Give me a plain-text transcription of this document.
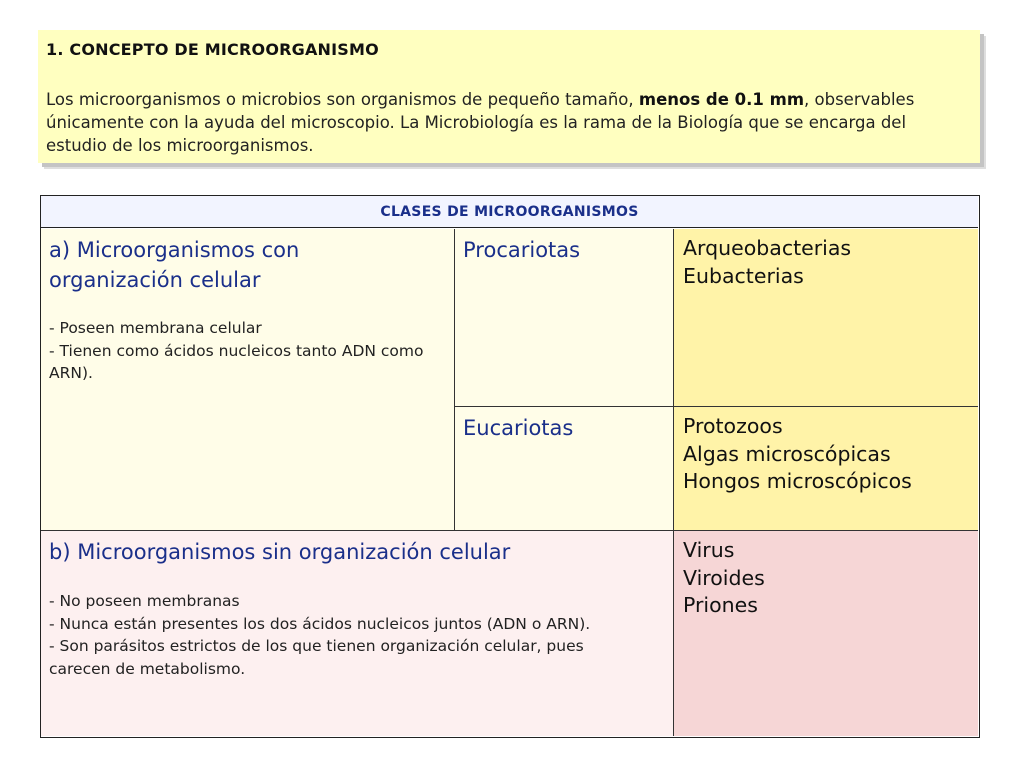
1. CONCEPTO DE MICROORGANISMO

Los microorganismos o microbios son organismos de pequeño tamaño, menos de 0.1 mm, observables únicamente con la ayuda del microscopio. La Microbiología es la rama de la Biología que se encarga del estudio de los microorganismos.

CLASES DE MICROORGANISMOS
a) Microorganismos con
organización celular
- Poseen membrana celular
- Tienen como ácidos nucleicos tanto ADN como ARN).
Procariotas	Arqueobacterias
Eubacterias
Eucariotas	Protozoos
Algas microscópicas
Hongos microscópicos
b) Microorganismos sin organización celular
- No poseen membranas
- Nunca están presentes los dos ácidos nucleicos juntos (ADN o ARN).
- Son parásitos estrictos de los que tienen organización celular, pues carecen de metabolismo.
Virus
Viroides
Priones
